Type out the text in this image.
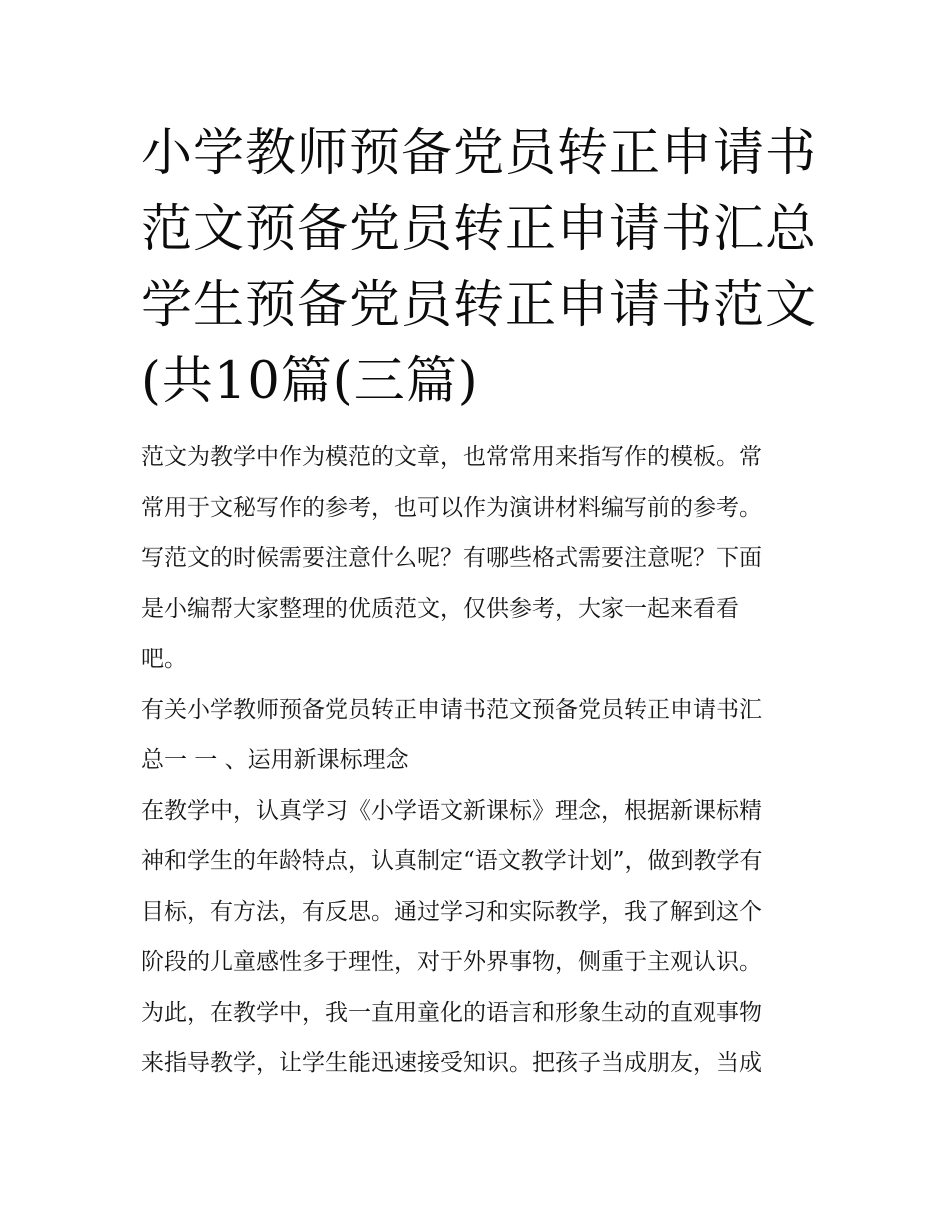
小学教师预备党员转正申请书
范文预备党员转正申请书汇总
学生预备党员转正申请书范文
(共10篇(三篇)

范文为教学中作为模范的文章，也常常用来指写作的模板。常
常用于文秘写作的参考，也可以作为演讲材料编写前的参考。
写范文的时候需要注意什么呢？有哪些格式需要注意呢？下面
是小编帮大家整理的优质范文，仅供参考，大家一起来看看
吧。

有关小学教师预备党员转正申请书范文预备党员转正申请书汇
总一 一 、运用新课标理念

在教学中，认真学习《小学语文新课标》理念，根据新课标精
神和学生的年龄特点，认真制定“语文教学计划”，做到教学有
目标，有方法，有反思。通过学习和实际教学，我了解到这个
阶段的儿童感性多于理性，对于外界事物，侧重于主观认识。
为此，在教学中，我一直用童化的语言和形象生动的直观事物
来指导教学，让学生能迅速接受知识。把孩子当成朋友，当成
